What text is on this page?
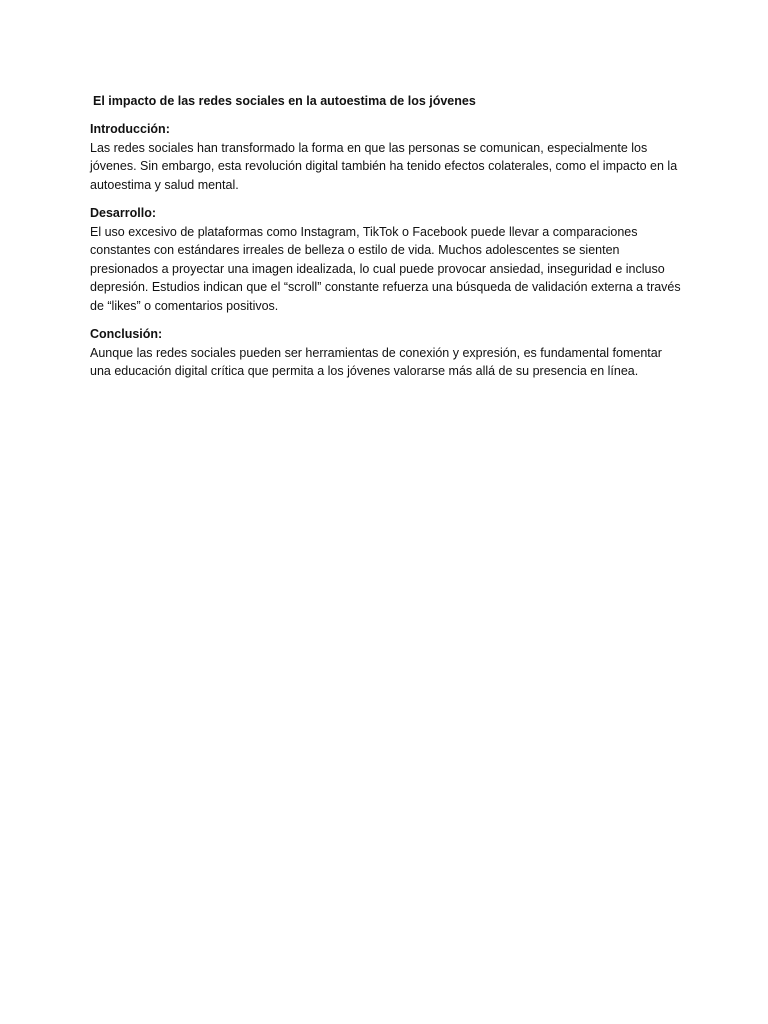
El impacto de las redes sociales en la autoestima de los jóvenes

Introducción:

Las redes sociales han transformado la forma en que las personas se comunican, especialmente los jóvenes. Sin embargo, esta revolución digital también ha tenido efectos colaterales, como el impacto en la autoestima y salud mental.

Desarrollo:

El uso excesivo de plataformas como Instagram, TikTok o Facebook puede llevar a comparaciones constantes con estándares irreales de belleza o estilo de vida. Muchos adolescentes se sienten presionados a proyectar una imagen idealizada, lo cual puede provocar ansiedad, inseguridad e incluso depresión. Estudios indican que el “scroll” constante refuerza una búsqueda de validación externa a través de “likes” o comentarios positivos.

Conclusión:

Aunque las redes sociales pueden ser herramientas de conexión y expresión, es fundamental fomentar una educación digital crítica que permita a los jóvenes valorarse más allá de su presencia en línea.
